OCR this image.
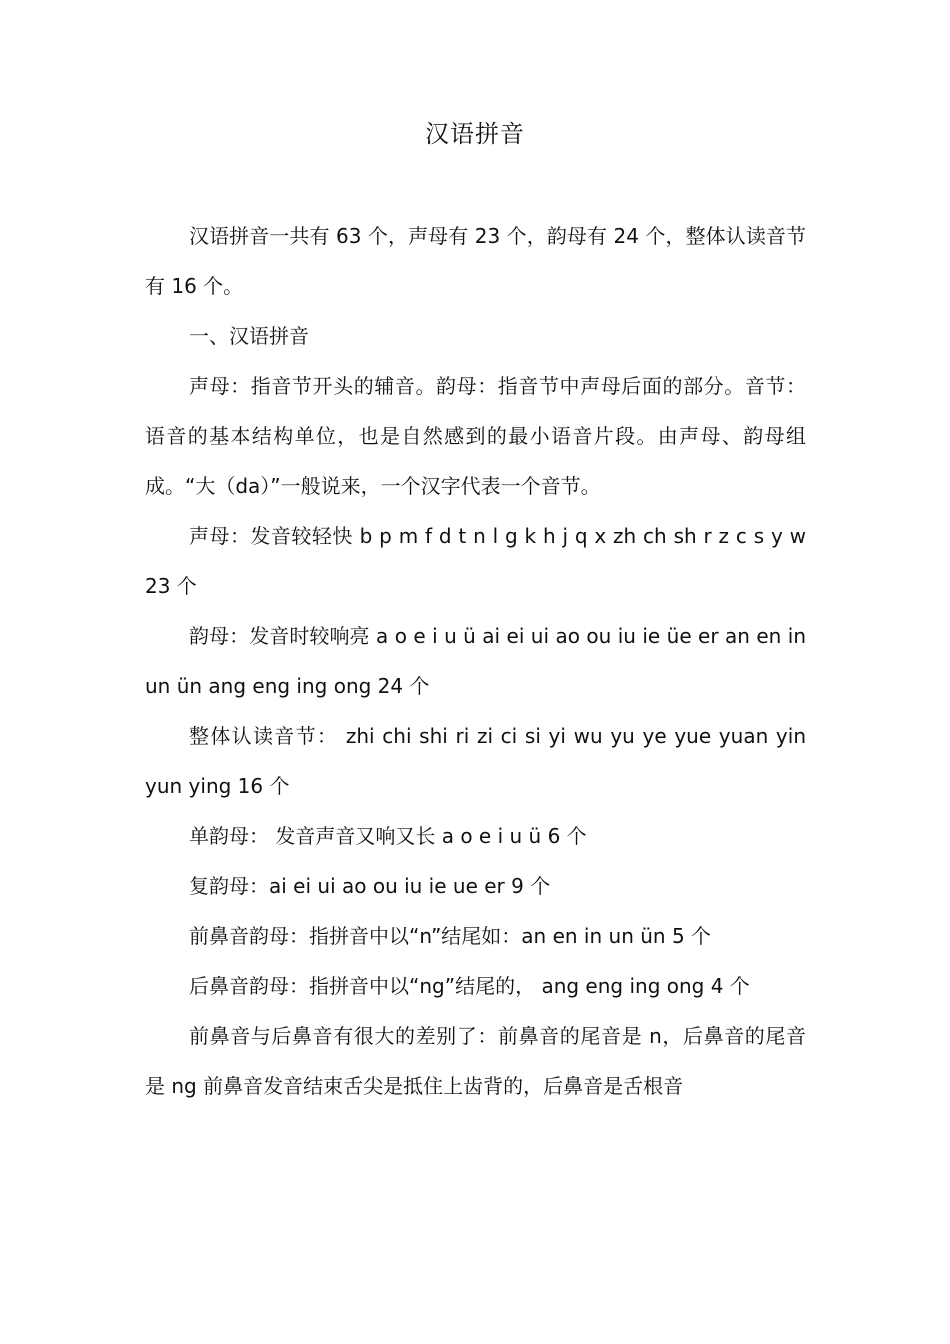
汉语拼音

汉语拼音一共有 63 个，声母有 23 个，韵母有 24 个，整体认读音节有 16 个。

一、汉语拼音

声母：指音节开头的辅音。韵母：指音节中声母后面的部分。音节：语音的基本结构单位，也是自然感到的最小语音片段。由声母、韵母组成。“大（da）”一般说来，一个汉字代表一个音节。

声母：发音较轻快 b p m f d t n l g k h j q x zh ch sh r z c s y w 23 个

韵母：发音时较响亮 a o e i u ü ai ei ui ao ou iu ie üe er an en in un ün ang eng ing ong 24 个

整体认读音节： zhi chi shi ri zi ci si yi wu yu ye yue yuan yin yun ying 16 个

单韵母： 发音声音又响又长 a o e i u ü 6 个

复韵母：ai ei ui ao ou iu ie ue er 9 个

前鼻音韵母：指拼音中以“n”结尾如：an en in un ün 5 个

后鼻音韵母：指拼音中以“ng”结尾的， ang eng ing ong 4 个

前鼻音与后鼻音有很大的差别了：前鼻音的尾音是 n，后鼻音的尾音是 ng 前鼻音发音结束舌尖是抵住上齿背的，后鼻音是舌根音
